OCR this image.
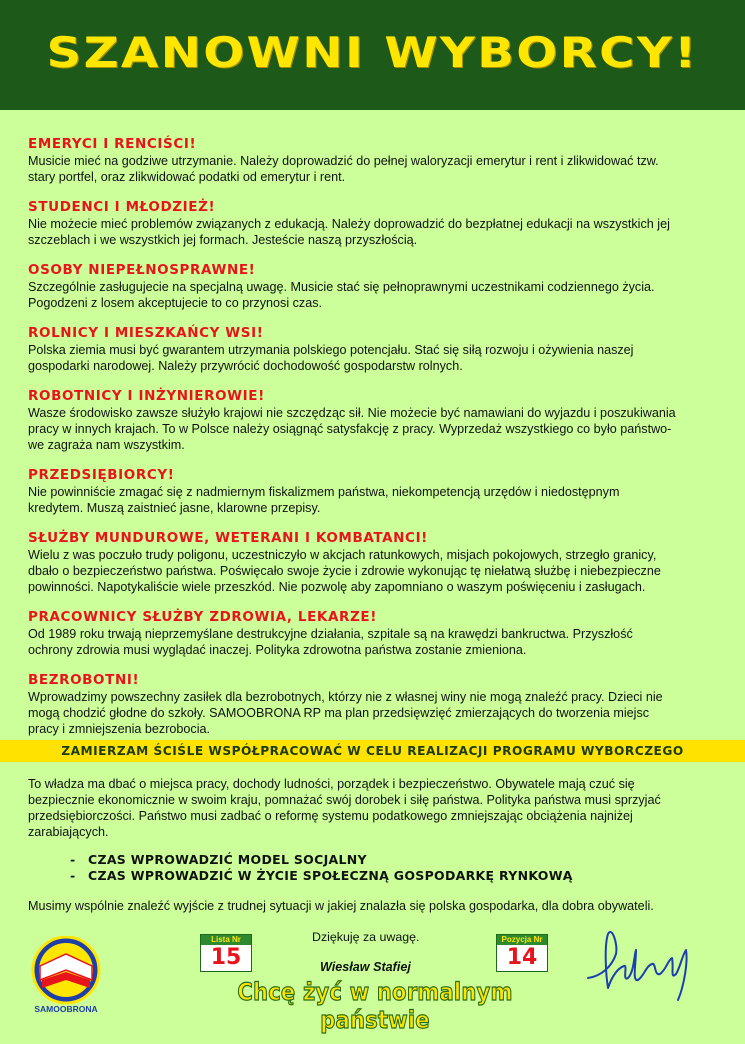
SZANOWNI WYBORCY!
EMERYCI I RENCIŚCI!

Musicie mieć na godziwe utrzymanie. Należy doprowadzić do pełnej waloryzacji emerytur i rent i zlikwidować tzw.
stary portfel, oraz zlikwidować podatki od emerytur i rent.

STUDENCI I MŁODZIEŻ!

Nie możecie mieć problemów związanych z edukacją. Należy doprowadzić do bezpłatnej edukacji na wszystkich jej
szczeblach i we wszystkich jej formach. Jesteście naszą przyszłością.

OSOBY NIEPEŁNOSPRAWNE!

Szczególnie zasługujecie na specjalną uwagę. Musicie stać się pełnoprawnymi uczestnikami codziennego życia.
Pogodzeni z losem akceptujecie to co przynosi czas.

ROLNICY I MIESZKAŃCY WSI!

Polska ziemia musi być gwarantem utrzymania polskiego potencjału. Stać się siłą rozwoju i ożywienia naszej
gospodarki narodowej. Należy przywrócić dochodowość gospodarstw rolnych.

ROBOTNICY I INŻYNIEROWIE!

Wasze środowisko zawsze służyło krajowi nie szczędząc sił. Nie możecie być namawiani do wyjazdu i poszukiwania
pracy w innych krajach. To w Polsce należy osiągnąć satysfakcję z pracy. Wyprzedaż wszystkiego co było państwo-
we zagraża nam wszystkim.

PRZEDSIĘBIORCY!

Nie powinniście zmagać się z nadmiernym fiskalizmem państwa, niekompetencją urzędów i niedostępnym
kredytem. Muszą zaistnieć jasne, klarowne przepisy.

SŁUŻBY MUNDUROWE, WETERANI I KOMBATANCI!

Wielu z was poczuło trudy poligonu, uczestniczyło w akcjach ratunkowych, misjach pokojowych, strzegło granicy,
dbało o bezpieczeństwo państwa. Poświęcało swoje życie i zdrowie wykonując tę niełatwą służbę i niebezpieczne
powinności. Napotykaliście wiele przeszkód. Nie pozwolę aby zapomniano o waszym poświęceniu i zasługach.

PRACOWNICY SŁUŻBY ZDROWIA, LEKARZE!

Od 1989 roku trwają nieprzemyślane destrukcyjne działania, szpitale są na krawędzi bankructwa. Przyszłość
ochrony zdrowia musi wyglądać inaczej. Polityka zdrowotna państwa zostanie zmieniona.

BEZROBOTNI!

Wprowadzimy powszechny zasiłek dla bezrobotnych, którzy nie z własnej winy nie mogą znaleźć pracy. Dzieci nie
mogą chodzić głodne do szkoły. SAMOOBRONA RP ma plan przedsięwzięć zmierzających do tworzenia miejsc
pracy i zmniejszenia bezrobocia.

ZAMIERZAM ŚCIŚLE WSPÓŁPRACOWAĆ W CELU REALIZACJI PROGRAMU WYBORCZEGO

To władza ma dbać o miejsca pracy, dochody ludności, porządek i bezpieczeństwo. Obywatele mają czuć się
bezpiecznie ekonomicznie w swoim kraju, pomnażać swój dorobek i siłę państwa. Polityka państwa musi sprzyjać
przedsiębiorczości. Państwo musi zadbać o reformę systemu podatkowego zmniejszając obciążenia najniżej
zarabiających.

- CZAS WPROWADZIĆ MODEL SOCJALNY
- CZAS WPROWADZIĆ W ŻYCIE SPOŁECZNĄ GOSPODARKĘ RYNKOWĄ

Musimy wspólnie znaleźć wyjście z trudnej sytuacji w jakiej znalazła się polska gospodarka, dla dobra obywateli.

SAMOOBRONA
Lista Nr
15
Dziękuję za uwagę.
Wiesław Stafiej
Pozycja Nr
14
Chcę żyć w normalnym państwie
